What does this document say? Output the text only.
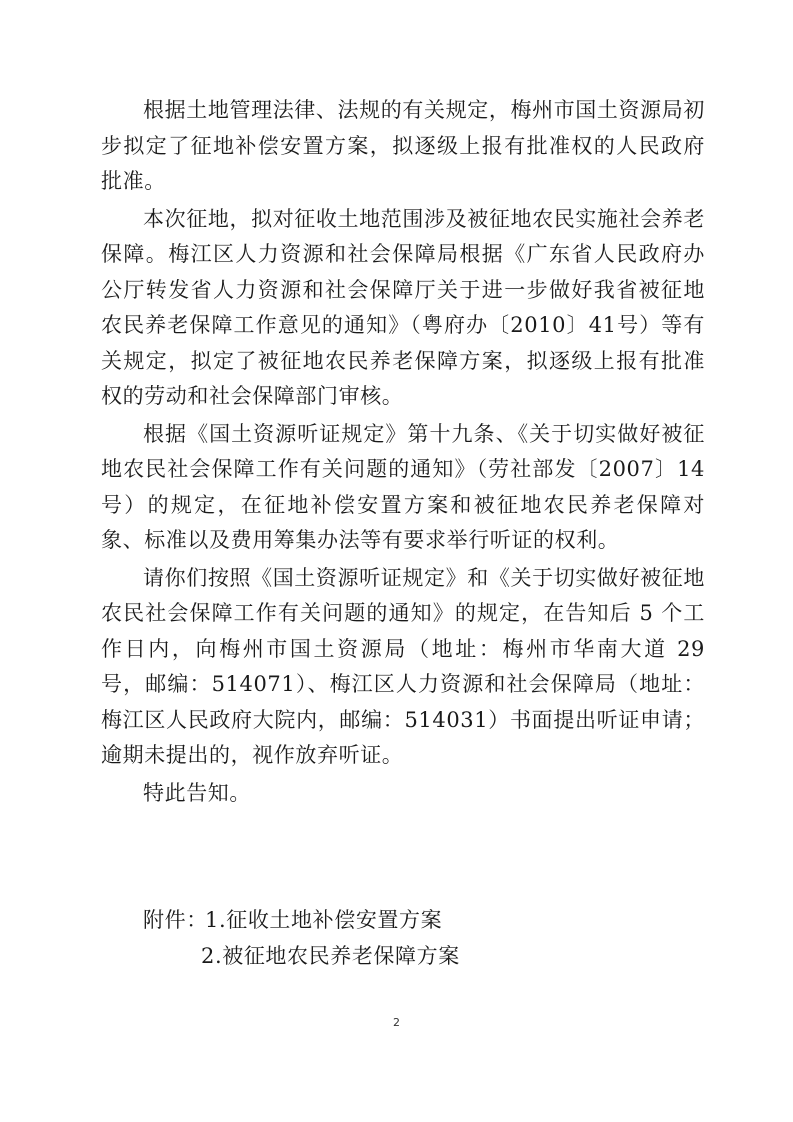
根据土地管理法律、法规的有关规定，梅州市国土资源局初步拟定了征地补偿安置方案，拟逐级上报有批准权的人民政府批准。

本次征地，拟对征收土地范围涉及被征地农民实施社会养老保障。梅江区人力资源和社会保障局根据《广东省人民政府办公厅转发省人力资源和社会保障厅关于进一步做好我省被征地农民养老保障工作意见的通知》（粤府办〔2010〕41号）等有关规定，拟定了被征地农民养老保障方案，拟逐级上报有批准权的劳动和社会保障部门审核。

根据《国土资源听证规定》第十九条、《关于切实做好被征地农民社会保障工作有关问题的通知》（劳社部发〔2007〕14 号）的规定，在征地补偿安置方案和被征地农民养老保障对象、标准以及费用筹集办法等有要求举行听证的权利。

请你们按照《国土资源听证规定》和《关于切实做好被征地农民社会保障工作有关问题的通知》的规定，在告知后 5 个工作日内，向梅州市国土资源局（地址：梅州市华南大道 29 号，邮编：514071）、梅江区人力资源和社会保障局（地址：梅江区人民政府大院内，邮编：514031）书面提出听证申请；逾期未提出的，视作放弃听证。

特此告知。

附件：1.征收土地补偿安置方案
2.被征地农民养老保障方案
2
